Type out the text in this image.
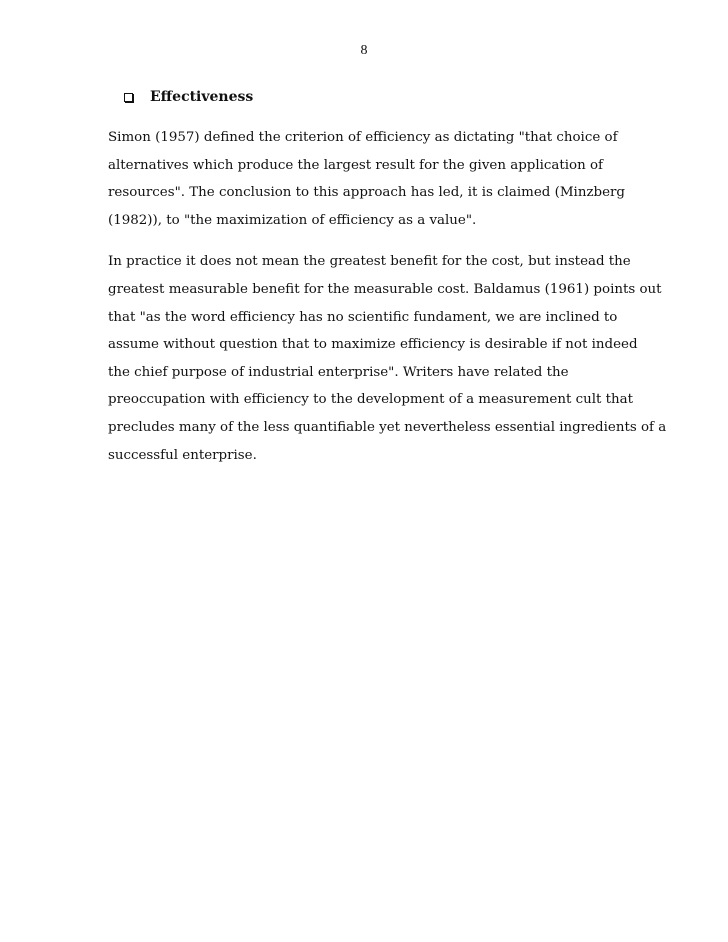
8
Effectiveness

Simon (1957) defined the criterion of efficiency as dictating "that choice of
alternatives which produce the largest result for the given application of
resources". The conclusion to this approach has led, it is claimed (Minzberg
(1982)), to "the maximization of efficiency as a value".

In practice it does not mean the greatest benefit for the cost, but instead the
greatest measurable benefit for the measurable cost. Baldamus (1961) points out
that "as the word efficiency has no scientific fundament, we are inclined to
assume without question that to maximize efficiency is desirable if not indeed
the chief purpose of industrial enterprise". Writers have related the
preoccupation with efficiency to the development of a measurement cult that
precludes many of the less quantifiable yet nevertheless essential ingredients of a
successful enterprise.
